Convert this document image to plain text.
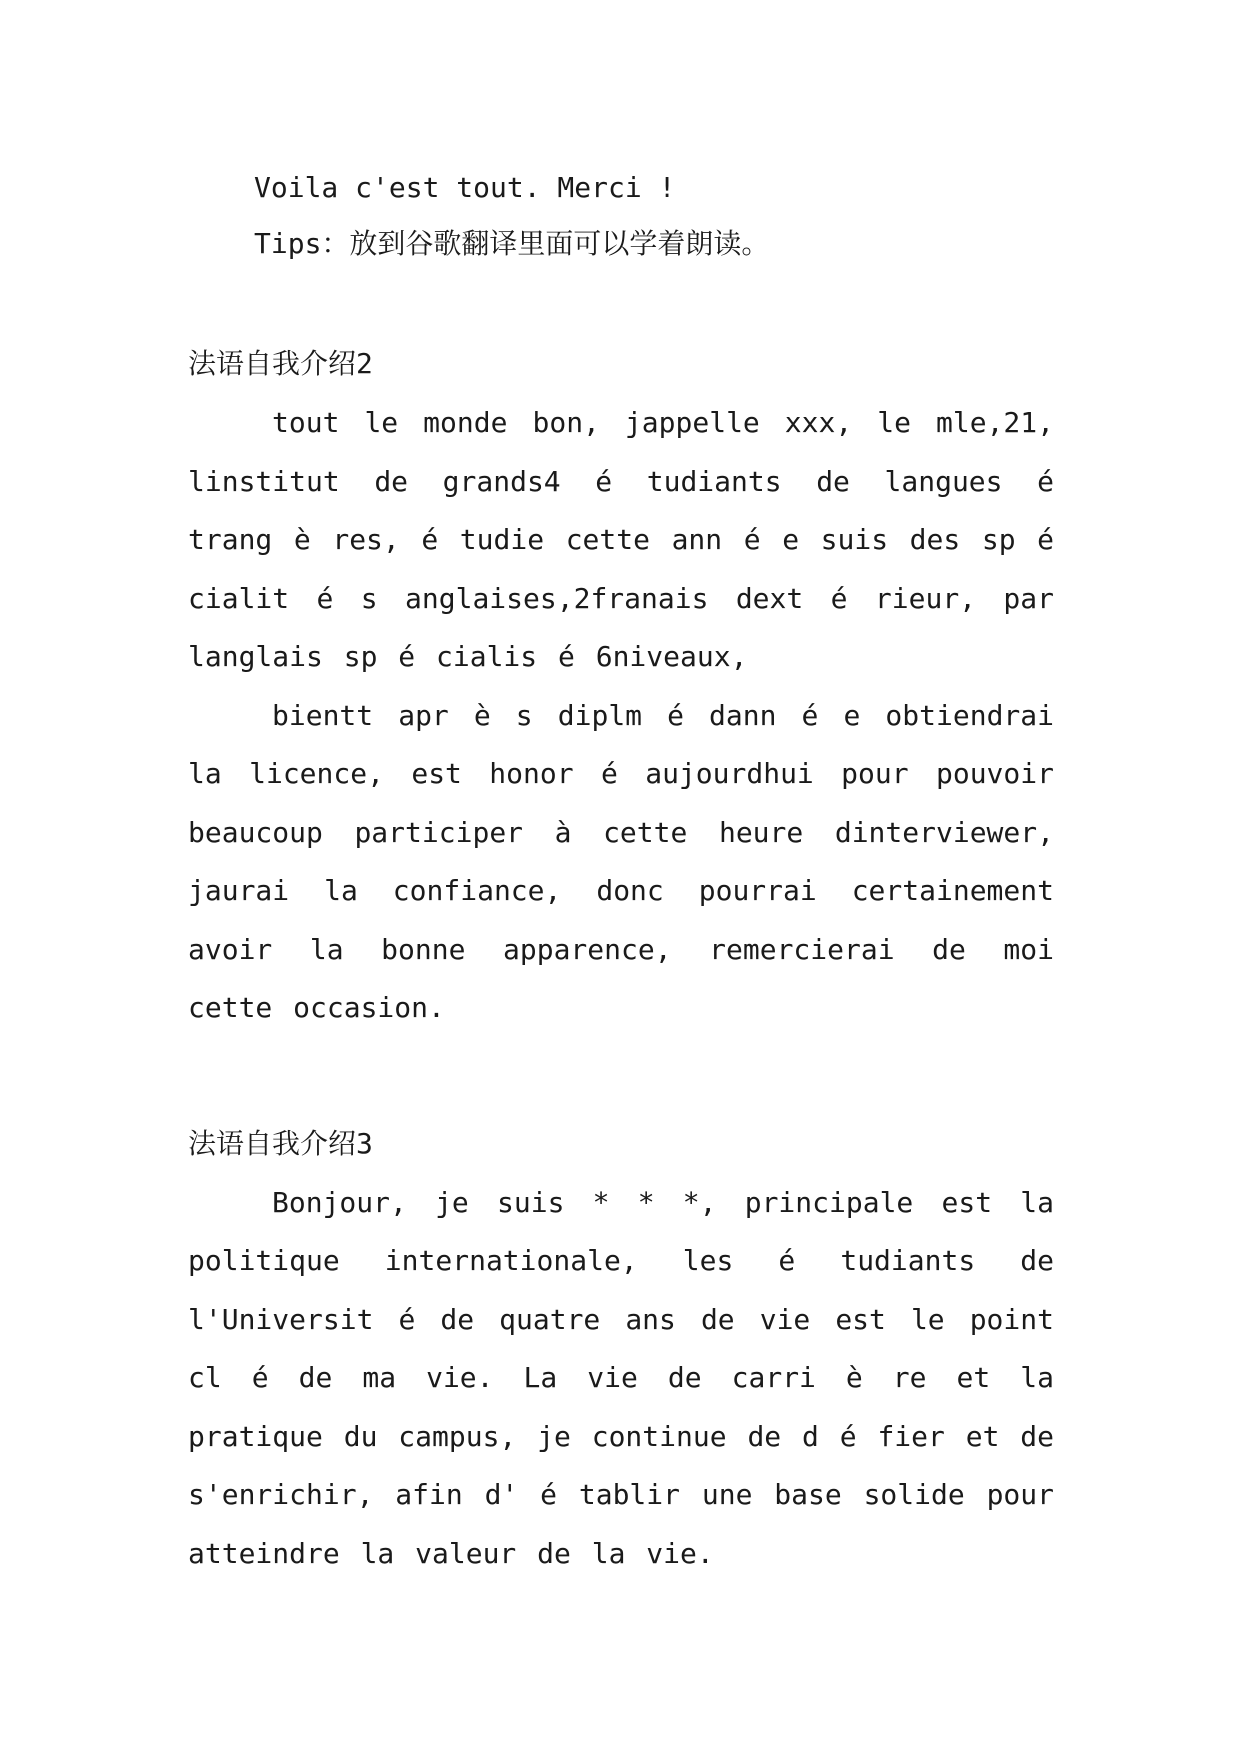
Voila c'est tout. Merci !

Tips：放到谷歌翻译里面可以学着朗读。

法语自我介绍2

tout le monde bon, jappelle xxx, le mle,21, linstitut de grands4 é tudiants de langues é trang è res, é tudie cette ann é e suis des sp é cialit é s anglaises,2franais dext é rieur, par langlais sp é cialis é 6niveaux,

bientt apr è s diplm é dann é e obtiendrai la licence, est honor é aujourdhui pour pouvoir beaucoup participer à cette heure dinterviewer, jaurai la confiance, donc pourrai certainement avoir la bonne apparence, remercierai de moi cette occasion.

法语自我介绍3

Bonjour, je suis * * *, principale est la politique internationale, les é tudiants de l'Universit é de quatre ans de vie est le point cl é de ma vie. La vie de carri è re et la pratique du campus, je continue de d é fier et de s'enrichir, afin d' é tablir une base solide pour atteindre la valeur de la vie.
